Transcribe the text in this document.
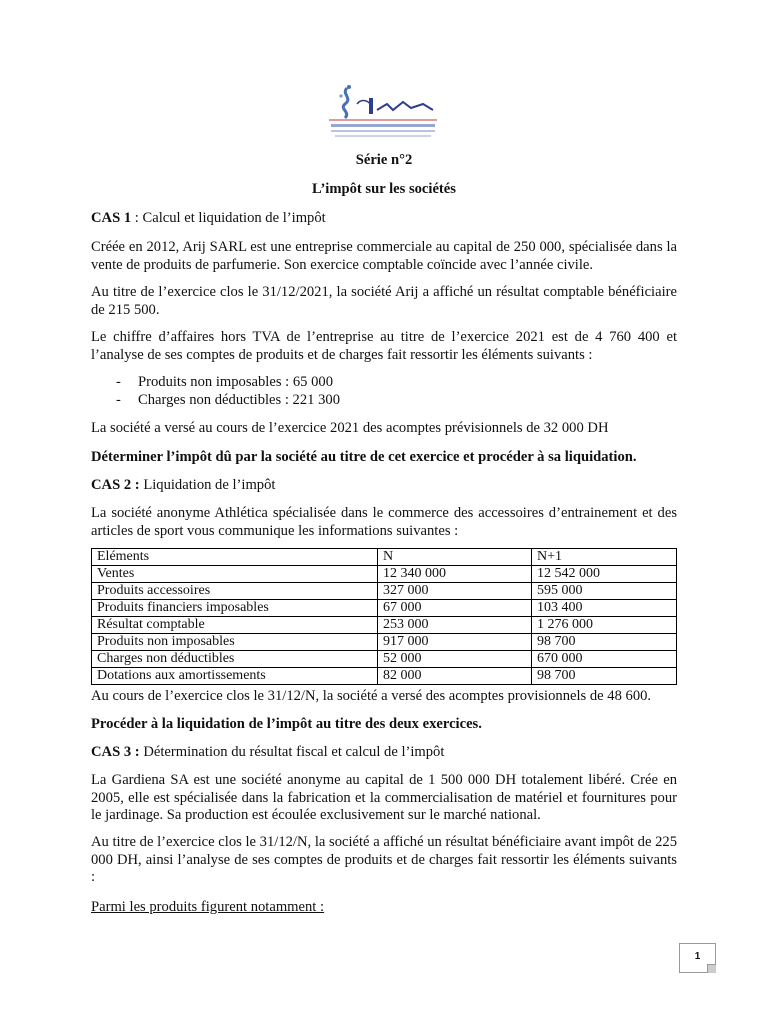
Série n°2
L’impôt sur les sociétés
CAS 1 : Calcul et liquidation de l’impôt

Créée en 2012, Arij SARL est une entreprise commerciale au capital de 250 000, spécialisée dans la vente de produits de parfumerie. Son exercice comptable coïncide avec l’année civile.

Au titre de l’exercice clos le 31/12/2021, la société Arij a affiché un résultat comptable bénéficiaire de 215 500.

Le chiffre d’affaires hors TVA de l’entreprise au titre de l’exercice 2021 est de 4 760 400 et l’analyse de ses comptes de produits et de charges fait ressortir les éléments suivants :

- Produits non imposables : 65 000
- Charges non déductibles : 221 300

La société a versé au cours de l’exercice 2021 des acomptes prévisionnels de 32 000 DH

Déterminer l’impôt dû par la société au titre de cet exercice et procéder à sa liquidation.

CAS 2 : Liquidation de l’impôt

La société anonyme Athlética spécialisée dans le commerce des accessoires d’entrainement et des articles de sport vous communique les informations suivantes :

Eléments	N	N+1
Ventes	12 340 000	12 542 000
Produits accessoires	327 000	595 000
Produits financiers imposables	67 000	103 400
Résultat comptable	253 000	1 276 000
Produits non imposables	917 000	98 700
Charges non déductibles	52 000	670 000
Dotations aux amortissements	82 000	98 700

Au cours de l’exercice clos le 31/12/N, la société a versé des acomptes provisionnels de 48 600.

Procéder à la liquidation de l’impôt au titre des deux exercices.

CAS 3 : Détermination du résultat fiscal et calcul de l’impôt

La Gardiena SA est une société anonyme au capital de 1 500 000 DH totalement libéré. Crée en 2005, elle est spécialisée dans la fabrication et la commercialisation de matériel et fournitures pour le jardinage. Sa production est écoulée exclusivement sur le marché national.

Au titre de l’exercice clos le 31/12/N, la société a affiché un résultat bénéficiaire avant impôt de 225 000 DH, ainsi l’analyse de ses comptes de produits et de charges fait ressortir les éléments suivants :

Parmi les produits figurent notamment :

1
